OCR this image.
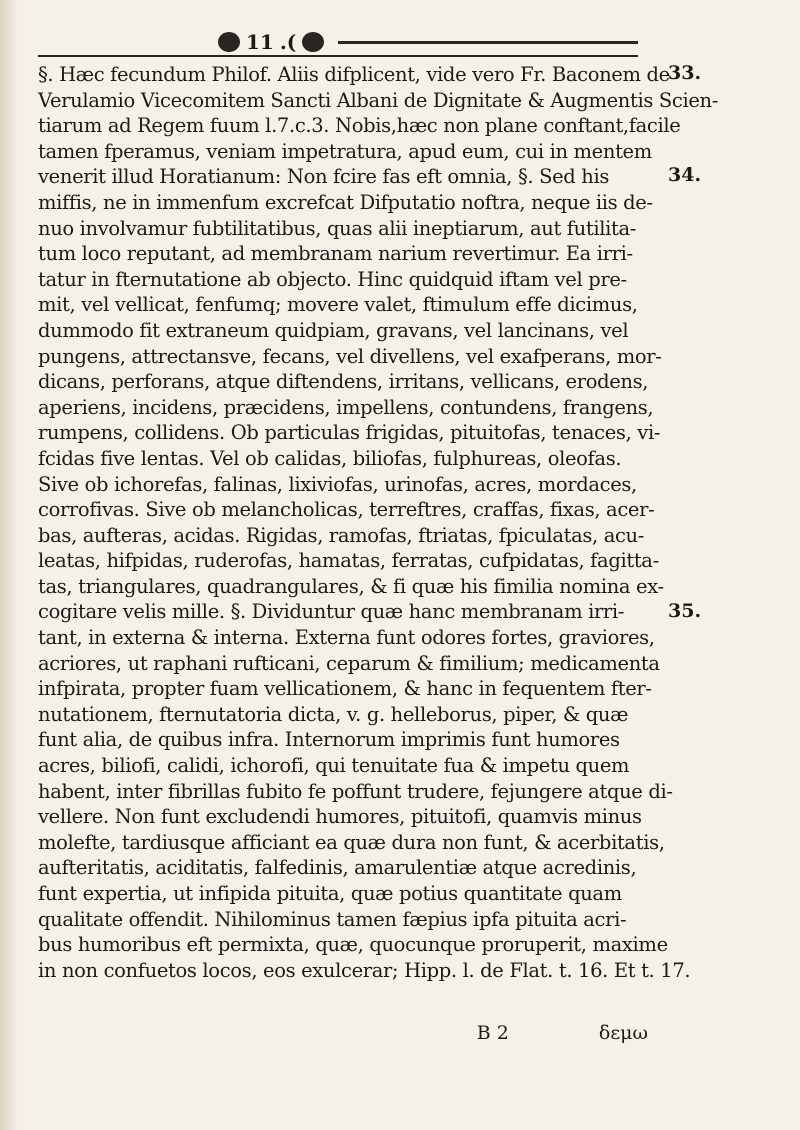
11 .(
§. Hæc fecundum Philof. Aliis difplicent, vide vero Fr. Baconem de
Verulamio Vicecomitem Sancti Albani de Dignitate & Augmentis Scien-
tiarum ad Regem fuum l.7.c.3. Nobis,hæc non plane conftant,facile
tamen fperamus, veniam impetratura, apud eum, cui in mentem
venerit illud Horatianum: Non fcire fas eft omnia, §. Sed his
miffis, ne in immenfum excrefcat Difputatio noftra, neque iis de-
nuo involvamur fubtilitatibus, quas alii ineptiarum, aut futilita-
tum loco reputant, ad membranam narium revertimur. Ea irri-
tatur in fternutatione ab objecto. Hinc quidquid iftam vel pre-
mit, vel vellicat, fenfumq; movere valet, ftimulum effe dicimus,
dummodo fit extraneum quidpiam, gravans, vel lancinans, vel
pungens, attrectansve, fecans, vel divellens, vel exafperans, mor-
dicans, perforans, atque diftendens, irritans, vellicans, erodens,
aperiens, incidens, præcidens, impellens, contundens, frangens,
rumpens, collidens. Ob particulas frigidas, pituitofas, tenaces, vi-
fcidas five lentas. Vel ob calidas, biliofas, fulphureas, oleofas.
Sive ob ichorefas, falinas, lixiviofas, urinofas, acres, mordaces,
corrofivas. Sive ob melancholicas, terreftres, craffas, fixas, acer-
bas, aufteras, acidas. Rigidas, ramofas, ftriatas, fpiculatas, acu-
leatas, hifpidas, ruderofas, hamatas, ferratas, cufpidatas, fagitta-
tas, triangulares, quadrangulares, & fi quæ his fimilia nomina ex-
cogitare velis mille. §. Dividuntur quæ hanc membranam irri-
tant, in externa & interna. Externa funt odores fortes, graviores,
acriores, ut raphani rufticani, ceparum & fimilium; medicamenta
infpirata, propter fuam vellicationem, & hanc in fequentem fter-
nutationem, fternutatoria dicta, v. g. helleborus, piper, & quæ
funt alia, de quibus infra. Internorum imprimis funt humores
acres, biliofi, calidi, ichorofi, qui tenuitate fua & impetu quem
habent, inter fibrillas fubito fe poffunt trudere, fejungere atque di-
vellere. Non funt excludendi humores, pituitofi, quamvis minus
molefte, tardiusque afficiant ea quæ dura non funt, & acerbitatis,
aufteritatis, aciditatis, falfedinis, amarulentiæ atque acredinis,
funt expertia, ut infipida pituita, quæ potius quantitate quam
qualitate offendit. Nihilominus tamen fæpius ipfa pituita acri-
bus humoribus eft permixta, quæ, quocunque proruperit, maxime
in non confuetos locos, eos exulcerar; Hipp. l. de Flat. t. 16. Et t. 17.
33.
34.
35.
B 2	δεμω
